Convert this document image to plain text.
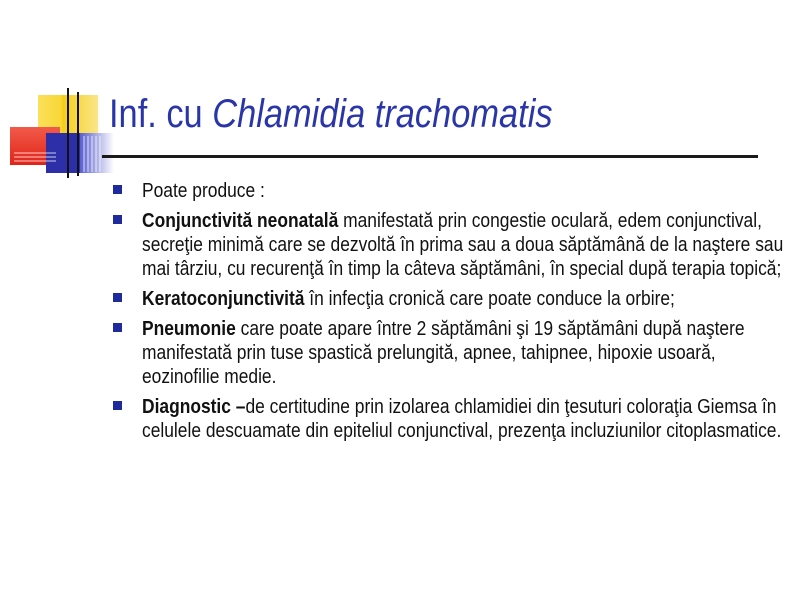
Inf. cu Chlamidia trachomatis
Poate produce :
Conjunctivită neonatală manifestată prin congestie oculară, edem conjunctival, secreţie minimă care se dezvoltă în prima sau a doua săptămână de la naştere sau mai târziu, cu recurenţă în timp la câteva săptămâni, în special după terapia topică;
Keratoconjunctivită în infecţia cronică care poate conduce la orbire;
Pneumonie care poate apare între 2 săptămâni şi 19 săptămâni după naştere manifestată prin tuse spastică prelungită, apnee, tahipnee, hipoxie usoară, eozinofilie medie.
Diagnostic –de certitudine prin izolarea chlamidiei din ţesuturi coloraţia Giemsa în celulele descuamate din epiteliul conjunctival, prezenţa incluziunilor citoplasmatice.
